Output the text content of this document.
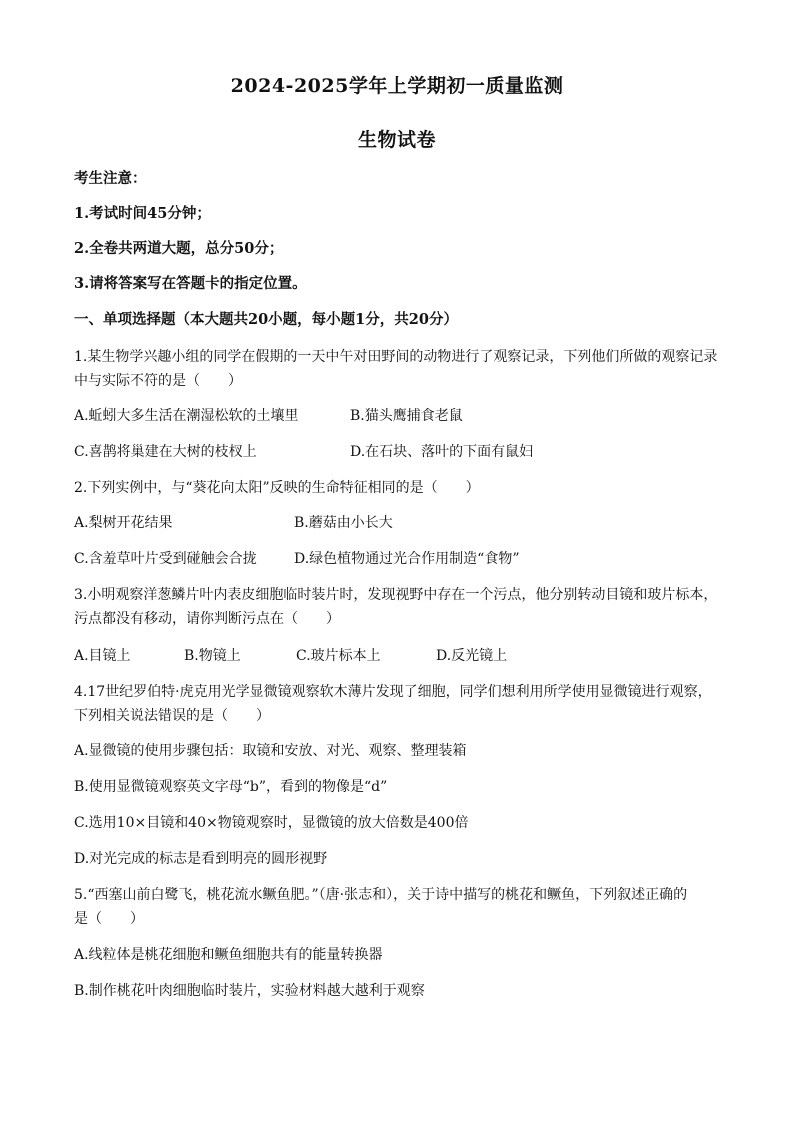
2024-2025学年上学期初一质量监测
生物试卷
考生注意：
1.考试时间45分钟；
2.全卷共两道大题，总分50分；
3.请将答案写在答题卡的指定位置。
一、单项选择题（本大题共20小题，每小题1分，共20分）
1.某生物学兴趣小组的同学在假期的一天中午对田野间的动物进行了观察记录，下列他们所做的观察记录
中与实际不符的是（　　）
A.蚯蚓大多生活在潮湿松软的土壤里	B.猫头鹰捕食老鼠
C.喜鹊将巢建在大树的枝杈上	D.在石块、落叶的下面有鼠妇
2.下列实例中，与“葵花向太阳”反映的生命特征相同的是（　　）
A.梨树开花结果	B.蘑菇由小长大
C.含羞草叶片受到碰触会合拢	D.绿色植物通过光合作用制造“食物”
3.小明观察洋葱鳞片叶内表皮细胞临时装片时，发现视野中存在一个污点，他分别转动目镜和玻片标本，
污点都没有移动，请你判断污点在（　　）
A.目镜上	B.物镜上	C.玻片标本上	D.反光镜上
4.17世纪罗伯特·虎克用光学显微镜观察软木薄片发现了细胞，同学们想利用所学使用显微镜进行观察，
下列相关说法错误的是（　　）
A.显微镜的使用步骤包括：取镜和安放、对光、观察、整理装箱
B.使用显微镜观察英文字母“b”，看到的物像是“d”
C.选用10×目镜和40×物镜观察时，显微镜的放大倍数是400倍
D.对光完成的标志是看到明亮的圆形视野
5.“西塞山前白鹭飞，桃花流水鳜鱼肥。”（唐·张志和），关于诗中描写的桃花和鳜鱼，下列叙述正确的
是（　　）
A.线粒体是桃花细胞和鳜鱼细胞共有的能量转换器
B.制作桃花叶肉细胞临时装片，实验材料越大越利于观察
